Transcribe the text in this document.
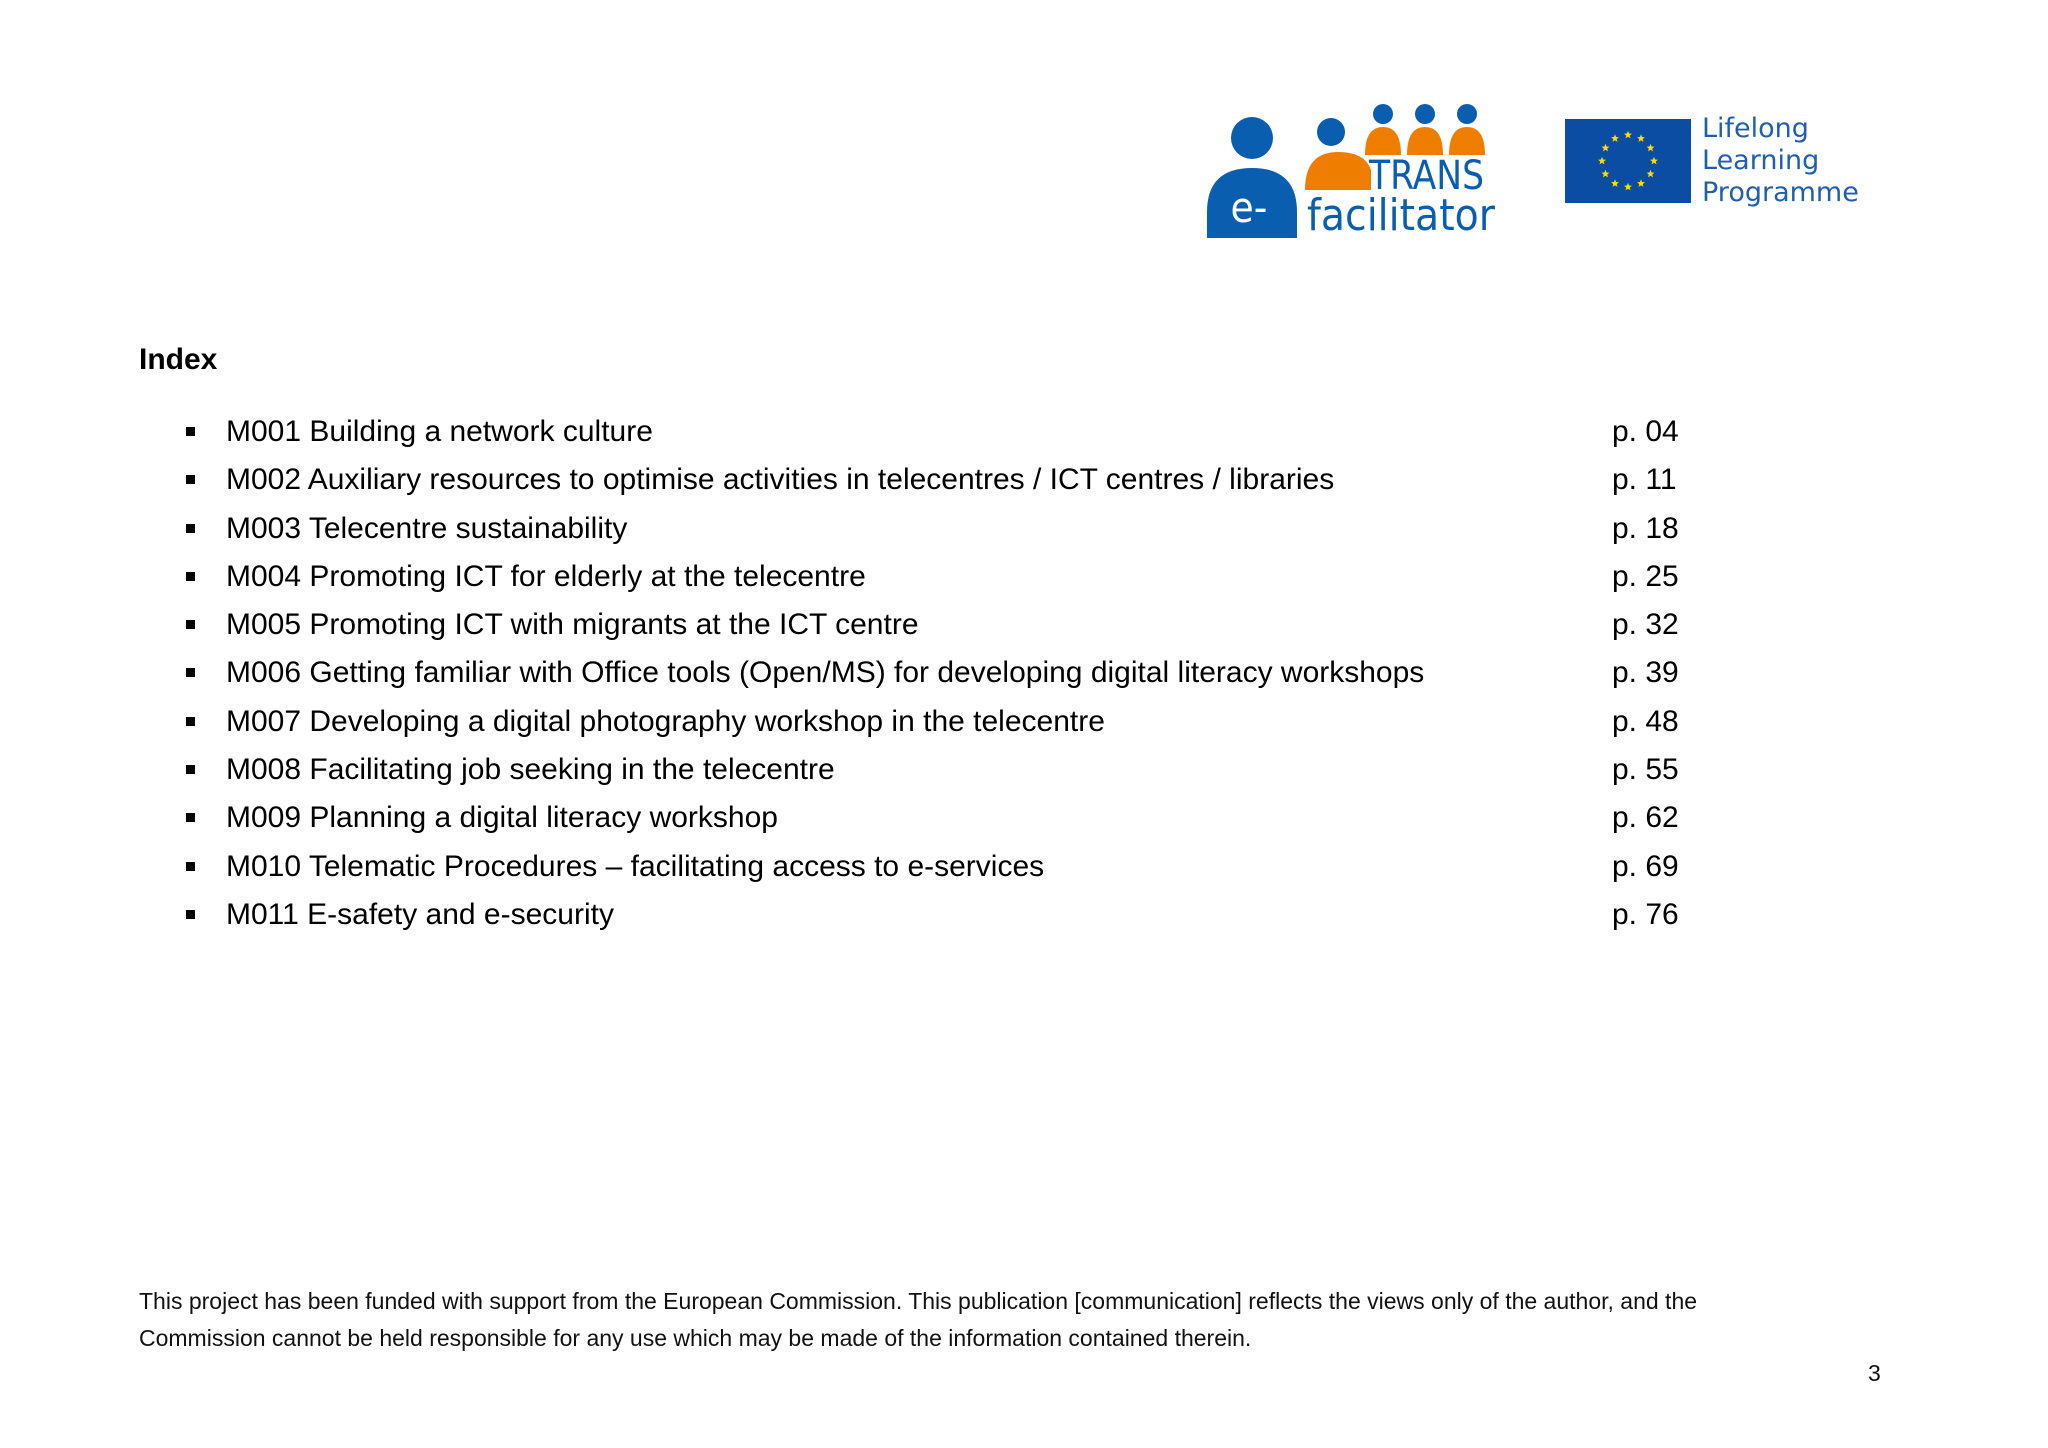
e-
TRANS
facilitator
Lifelong
Learning
Programme
Index
M001 Building a network culture	p. 04
M002 Auxiliary resources to optimise activities in telecentres / ICT centres / libraries	p. 11
M003 Telecentre sustainability	p. 18
M004 Promoting ICT for elderly at the telecentre	p. 25
M005 Promoting ICT with migrants at the ICT centre	p. 32
M006 Getting familiar with Office tools (Open/MS) for developing digital literacy workshops	p. 39
M007 Developing a digital photography workshop in the telecentre	p. 48
M008 Facilitating job seeking in the telecentre	p. 55
M009 Planning a digital literacy workshop	p. 62
M010 Telematic Procedures – facilitating access to e-services	p. 69
M011 E-safety and e-security	p. 76
This project has been funded with support from the European Commission. This publication [communication] reflects the views only of the author, and the
Commission cannot be held responsible for any use which may be made of the information contained therein.
3
